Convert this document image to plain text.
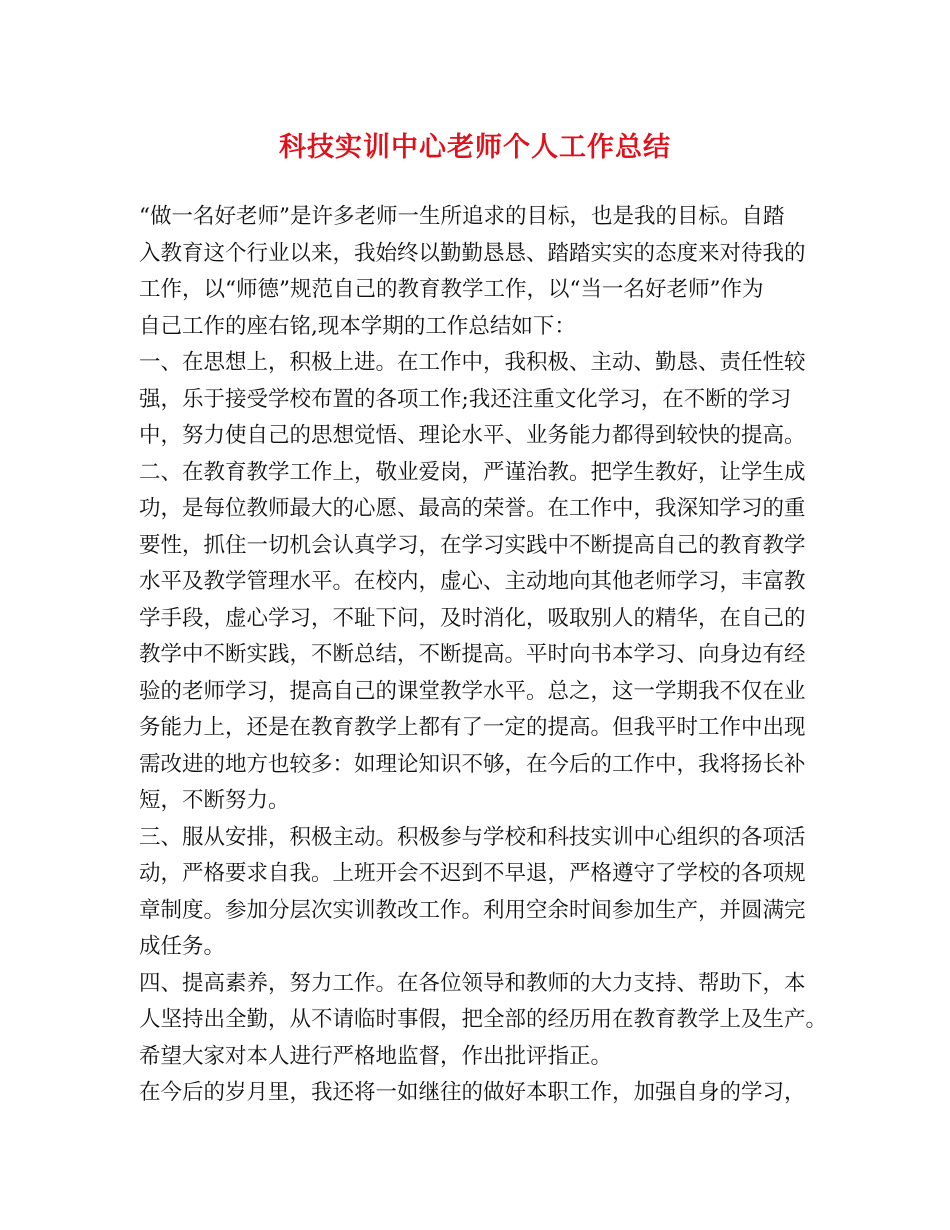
科技实训中心老师个人工作总结
“做一名好老师”是许多老师一生所追求的目标，也是我的目标。自踏
入教育这个行业以来，我始终以勤勤恳恳、踏踏实实的态度来对待我的
工作，以“师德”规范自己的教育教学工作，以“当一名好老师”作为
自己工作的座右铭,现本学期的工作总结如下：
一、在思想上，积极上进。在工作中，我积极、主动、勤恳、责任性较
强，乐于接受学校布置的各项工作;我还注重文化学习，在不断的学习
中，努力使自己的思想觉悟、理论水平、业务能力都得到较快的提高。
二、在教育教学工作上，敬业爱岗，严谨治教。把学生教好，让学生成
功，是每位教师最大的心愿、最高的荣誉。在工作中，我深知学习的重
要性，抓住一切机会认真学习，在学习实践中不断提高自己的教育教学
水平及教学管理水平。在校内，虚心、主动地向其他老师学习，丰富教
学手段，虚心学习，不耻下问，及时消化，吸取别人的精华，在自己的
教学中不断实践，不断总结，不断提高。平时向书本学习、向身边有经
验的老师学习，提高自己的课堂教学水平。总之，这一学期我不仅在业
务能力上，还是在教育教学上都有了一定的提高。但我平时工作中出现
需改进的地方也较多：如理论知识不够，在今后的工作中，我将扬长补
短，不断努力。
三、服从安排，积极主动。积极参与学校和科技实训中心组织的各项活
动，严格要求自我。上班开会不迟到不早退，严格遵守了学校的各项规
章制度。参加分层次实训教改工作。利用空余时间参加生产，并圆满完
成任务。
四、提高素养，努力工作。在各位领导和教师的大力支持、帮助下，本
人坚持出全勤，从不请临时事假，把全部的经历用在教育教学上及生产。
希望大家对本人进行严格地监督，作出批评指正。
在今后的岁月里，我还将一如继往的做好本职工作，加强自身的学习，
